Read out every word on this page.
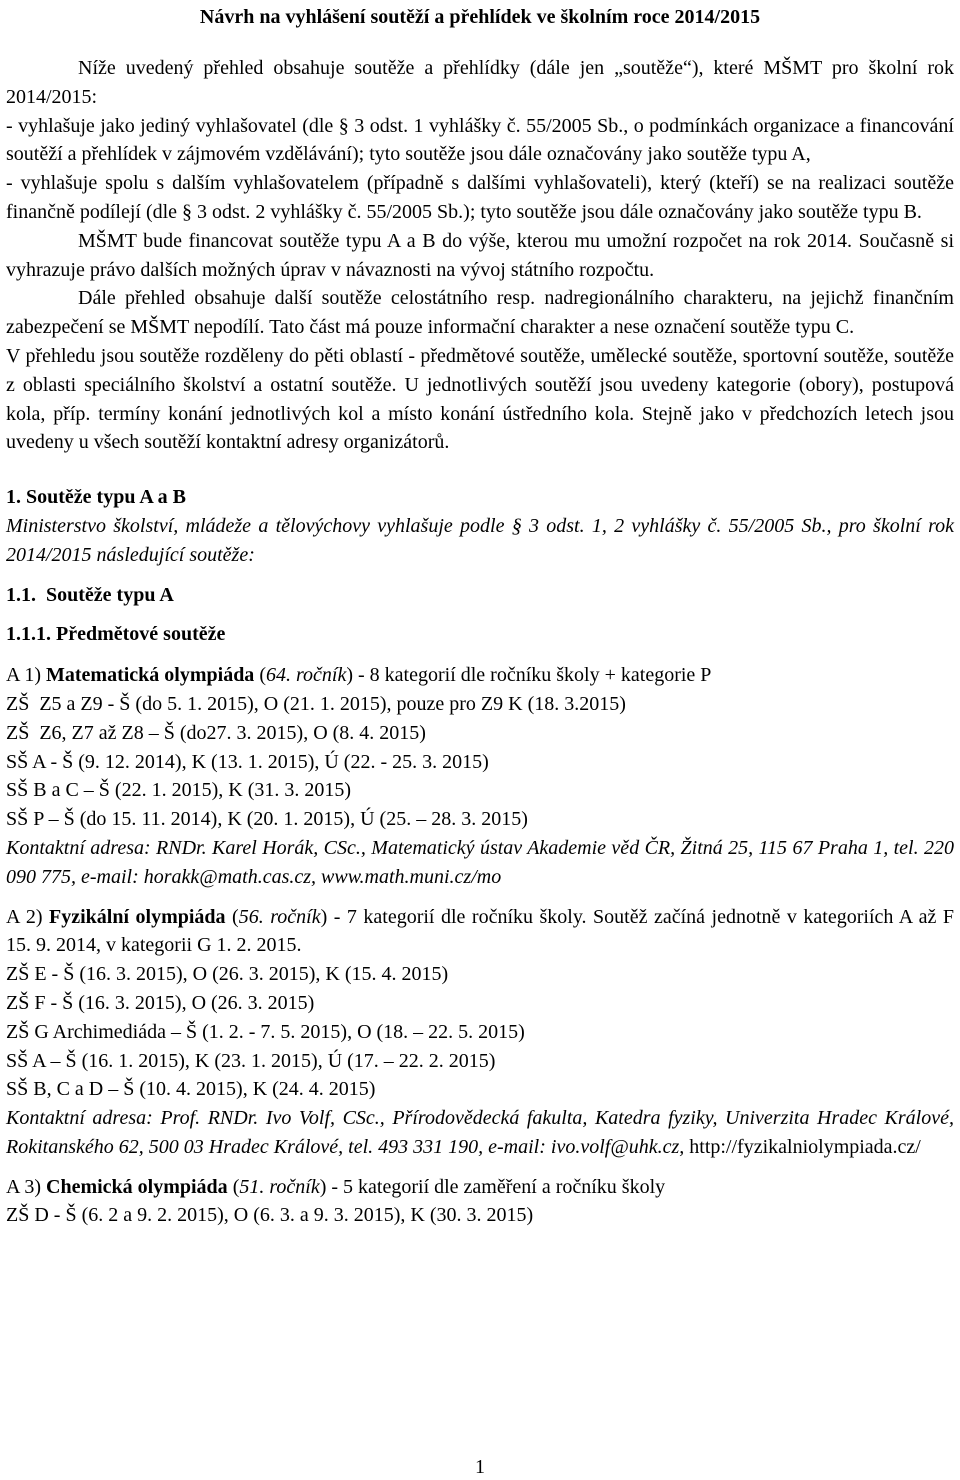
Návrh na vyhlášení soutěží a přehlídek ve školním roce 2014/2015

Níže uvedený přehled obsahuje soutěže a přehlídky (dále jen „soutěže“), které MŠMT pro školní rok 2014/2015:

- vyhlašuje jako jediný vyhlašovatel (dle § 3 odst. 1 vyhlášky č. 55/2005 Sb., o podmínkách organizace a financování soutěží a přehlídek v zájmovém vzdělávání); tyto soutěže jsou dále označovány jako soutěže typu A,

- vyhlašuje spolu s dalším vyhlašovatelem (případně s dalšími vyhlašovateli), který (kteří) se na realizaci soutěže finančně podílejí (dle § 3 odst. 2 vyhlášky č. 55/2005 Sb.); tyto soutěže jsou dále označovány jako soutěže typu B.

MŠMT bude financovat soutěže typu A a B do výše, kterou mu umožní rozpočet na rok 2014. Současně si vyhrazuje právo dalších možných úprav v návaznosti na vývoj státního rozpočtu.

Dále přehled obsahuje další soutěže celostátního resp. nadregionálního charakteru, na jejichž finančním zabezpečení se MŠMT nepodílí. Tato část má pouze informační charakter a nese označení soutěže typu C.

V přehledu jsou soutěže rozděleny do pěti oblastí - předmětové soutěže, umělecké soutěže, sportovní soutěže, soutěže z oblasti speciálního školství a ostatní soutěže. U jednotlivých soutěží jsou uvedeny kategorie (obory), postupová kola, příp. termíny konání jednotlivých kol a místo konání ústředního kola. Stejně jako v předchozích letech jsou uvedeny u všech soutěží kontaktní adresy organizátorů.

1. Soutěže typu A a B

Ministerstvo školství, mládeže a tělovýchovy vyhlašuje podle § 3 odst. 1, 2 vyhlášky č. 55/2005 Sb., pro školní rok 2014/2015 následující soutěže:

1.1.  Soutěže typu A

1.1.1. Předmětové soutěže

A 1) Matematická olympiáda (64. ročník) - 8 kategorií dle ročníku školy + kategorie P

ZŠ  Z5 a Z9 - Š (do 5. 1. 2015), O (21. 1. 2015), pouze pro Z9 K (18. 3.2015)

ZŠ  Z6, Z7 až Z8 – Š (do27. 3. 2015), O (8. 4. 2015)

SŠ A - Š (9. 12. 2014), K (13. 1. 2015), Ú (22. - 25. 3. 2015)

SŠ B a C – Š (22. 1. 2015), K (31. 3. 2015)

SŠ P – Š (do 15. 11. 2014), K (20. 1. 2015), Ú (25. – 28. 3. 2015)

Kontaktní adresa: RNDr. Karel Horák, CSc., Matematický ústav Akademie věd ČR, Žitná 25, 115 67 Praha 1, tel. 220 090 775, e-mail: horakk@math.cas.cz, www.math.muni.cz/mo

A 2) Fyzikální olympiáda (56. ročník) - 7 kategorií dle ročníku školy. Soutěž začíná jednotně v kategoriích A až F 15. 9. 2014, v kategorii G 1. 2. 2015.

ZŠ E - Š (16. 3. 2015), O (26. 3. 2015), K (15. 4. 2015)

ZŠ F - Š (16. 3. 2015), O (26. 3. 2015)

ZŠ G Archimediáda – Š (1. 2. - 7. 5. 2015), O (18. – 22. 5. 2015)

SŠ A – Š (16. 1. 2015), K (23. 1. 2015), Ú (17. – 22. 2. 2015)

SŠ B, C a D – Š (10. 4. 2015), K (24. 4. 2015)

Kontaktní adresa: Prof. RNDr. Ivo Volf, CSc., Přírodovědecká fakulta, Katedra fyziky, Univerzita Hradec Králové, Rokitanského 62, 500 03 Hradec Králové, tel. 493 331 190, e-mail: ivo.volf@uhk.cz, http://fyzikalniolympiada.cz/

A 3) Chemická olympiáda (51. ročník) - 5 kategorií dle zaměření a ročníku školy

ZŠ D - Š (6. 2 a 9. 2. 2015), O (6. 3. a 9. 3. 2015), K (30. 3. 2015)

1
